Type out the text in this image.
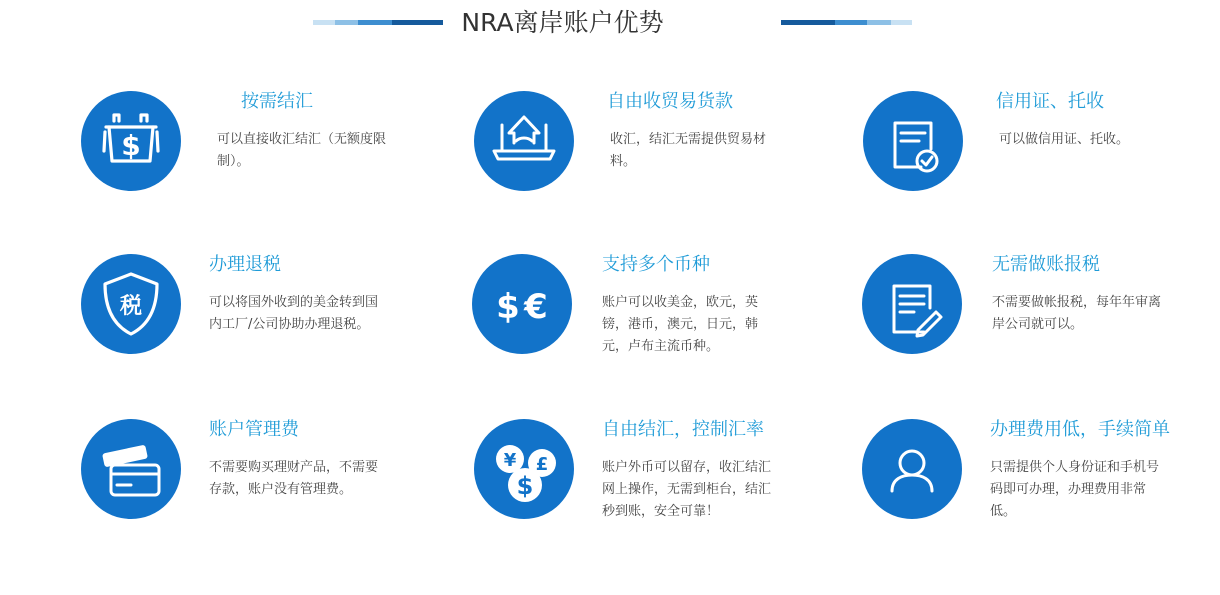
NRA离岸账户优势
$
按需结汇
可以直接收汇结汇（无额度限制）。
自由收贸易货款
收汇，结汇无需提供贸易材料。
信用证、托收
可以做信用证、托收。
税
办理退税
可以将国外收到的美金转到国内工厂/公司协助办理退税。	$ €
支持多个币种
账户可以收美金，欧元，英镑，港币，澳元，日元，韩元，卢布主流币种。
无需做账报税
不需要做帐报税，每年年审离岸公司就可以。
账户管理费
不需要购买理财产品，不需要存款，账户没有管理费。
¥ £
$
自由结汇，控制汇率
账户外币可以留存，收汇结汇网上操作，无需到柜台，结汇秒到账，安全可靠！
办理费用低，手续简单
只需提供个人身份证和手机号码即可办理，办理费用非常低。
